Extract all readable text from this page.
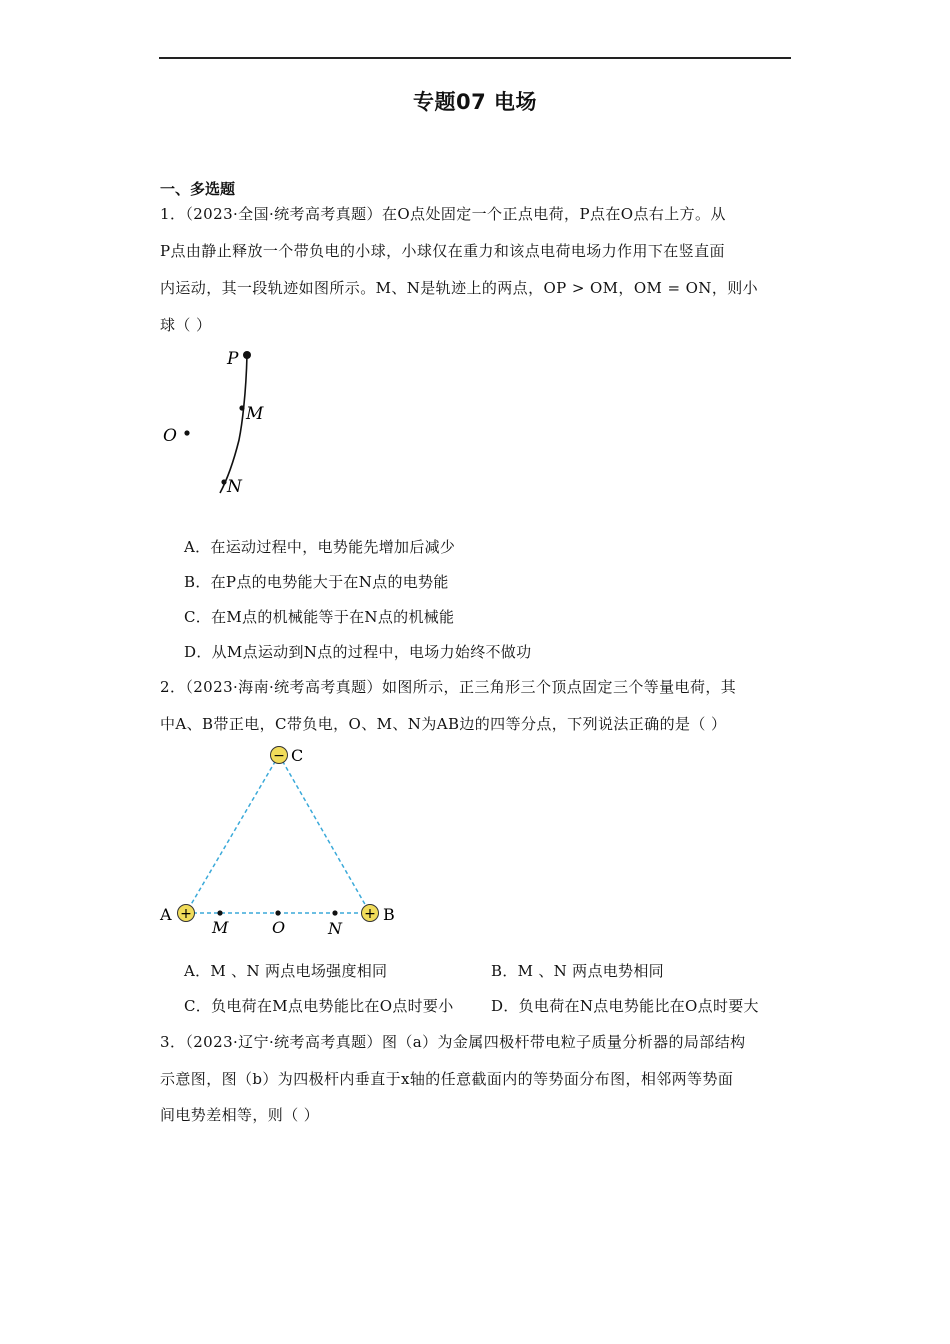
专题07 电场
一、多选题
1．（2023·全国·统考高考真题）在O点处固定一个正点电荷，P点在O点右上方。从
P点由静止释放一个带负电的小球，小球仅在重力和该点电荷电场力作用下在竖直面
内运动，其一段轨迹如图所示。M、N是轨迹上的两点，OP > OM，OM = ON，则小
球（ ）
P
M
O
N
A．在运动过程中，电势能先增加后减少
B．在P点的电势能大于在N点的电势能
C．在M点的机械能等于在N点的机械能
D．从M点运动到N点的过程中，电场力始终不做功
2．（2023·海南·统考高考真题）如图所示，正三角形三个顶点固定三个等量电荷，其
中A、B带正电，C带负电，O、M、N为AB边的四等分点，下列说法正确的是（ ）
−
+	+
C
A	B
M	O	N
A．M 、N 两点电场强度相同	B．M 、N 两点电势相同
C．负电荷在M点电势能比在O点时要小 D．负电荷在N点电势能比在O点时要大
3．（2023·辽宁·统考高考真题）图（a）为金属四极杆带电粒子质量分析器的局部结构
示意图，图（b）为四极杆内垂直于x轴的任意截面内的等势面分布图，相邻两等势面
间电势差相等，则（ ）
